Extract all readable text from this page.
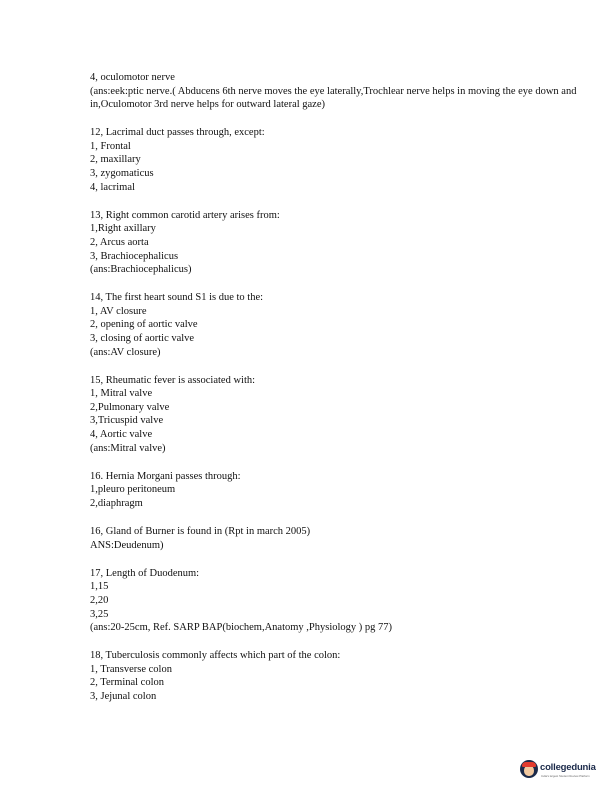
4, oculomotor nerve
(ans:eek:ptic nerve.( Abducens 6th nerve moves the eye laterally,Trochlear nerve helps in moving the eye down and in,Oculomotor 3rd nerve helps for outward lateral gaze)
12, Lacrimal duct passes through, except:
1, Frontal
2, maxillary
3, zygomaticus
4, lacrimal
13, Right common carotid artery arises from:
1,Right axillary
2, Arcus aorta
3, Brachiocephalicus
(ans:Brachiocephalicus)
14, The first heart sound S1 is due to the:
1, AV closure
2, opening of aortic valve
3, closing of aortic valve
(ans:AV closure)
15, Rheumatic fever is associated with:
1, Mitral valve
2,Pulmonary valve
3,Tricuspid valve
4, Aortic valve
(ans:Mitral valve)
16. Hernia Morgani passes through:
1,pleuro peritoneum
2,diaphragm
16, Gland of Burner is found in (Rpt in march 2005)
ANS:Deudenum)
17, Length of Duodenum:
1,15
2,20
3,25
(ans:20-25cm, Ref. SARP BAP(biochem,Anatomy ,Physiology ) pg 77)
18, Tuberculosis commonly affects which part of the colon:
1, Transverse colon
2, Terminal colon
3, Jejunal colon
collegedunia
India's largest Student Review Platform
